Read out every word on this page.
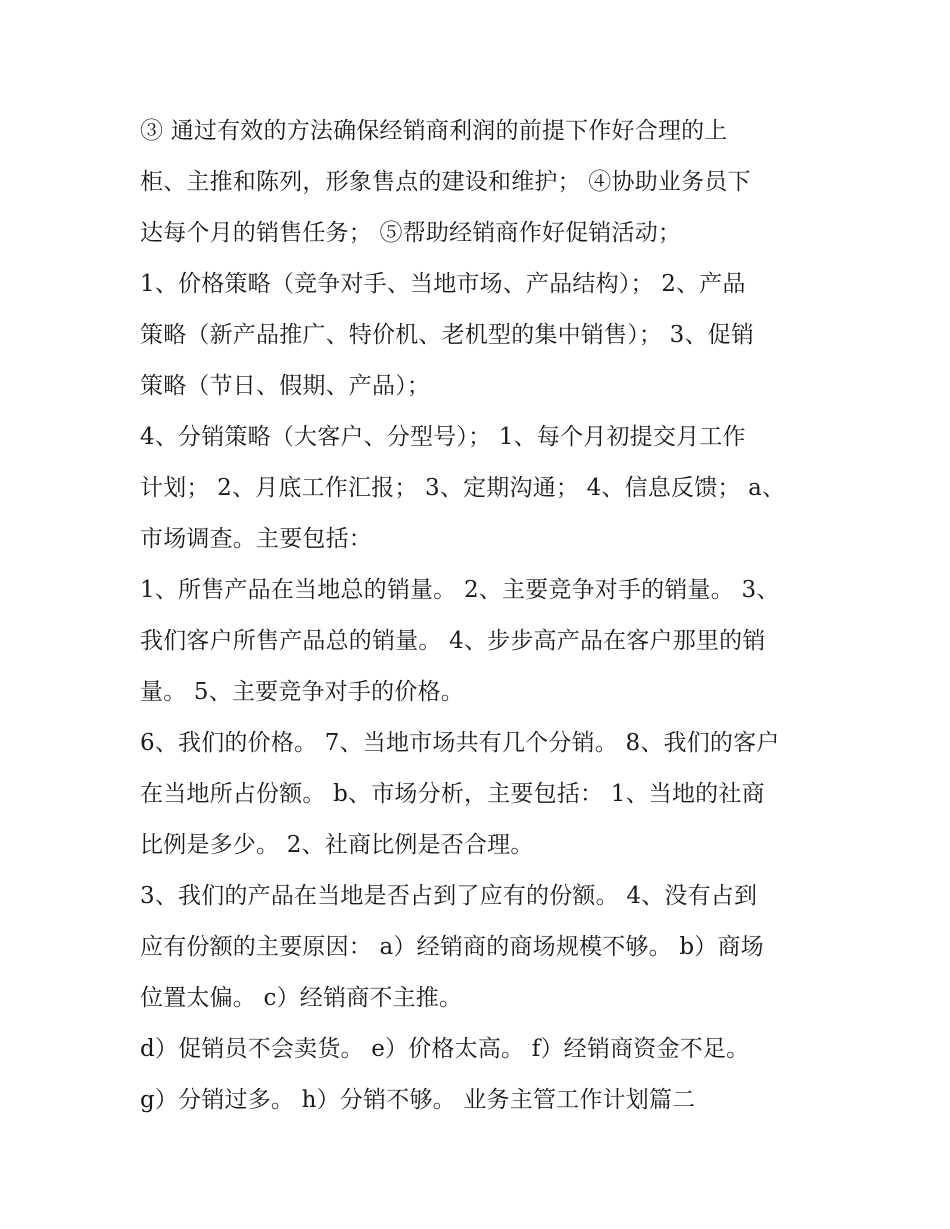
③ 通过有效的方法确保经销商利润的前提下作好合理的上
柜、主推和陈列，形象售点的建设和维护； ④协助业务员下
达每个月的销售任务； ⑤帮助经销商作好促销活动；
1、价格策略（竞争对手、当地市场、产品结构）； 2、产品
策略（新产品推广、特价机、老机型的集中销售）； 3、促销
策略（节日、假期、产品）；
4、分销策略（大客户、分型号）； 1、每个月初提交月工作
计划； 2、月底工作汇报； 3、定期沟通； 4、信息反馈； a、
市场调查。主要包括：
1、所售产品在当地总的销量。 2、主要竞争对手的销量。 3、
我们客户所售产品总的销量。 4、步步高产品在客户那里的销
量。 5、主要竞争对手的价格。
6、我们的价格。 7、当地市场共有几个分销。 8、我们的客户
在当地所占份额。 b、市场分析，主要包括： 1、当地的社商
比例是多少。 2、社商比例是否合理。
3、我们的产品在当地是否占到了应有的份额。 4、没有占到
应有份额的主要原因： a）经销商的商场规模不够。 b）商场
位置太偏。 c）经销商不主推。
d）促销员不会卖货。 e）价格太高。 f）经销商资金不足。
g）分销过多。 h）分销不够。 业务主管工作计划篇二
